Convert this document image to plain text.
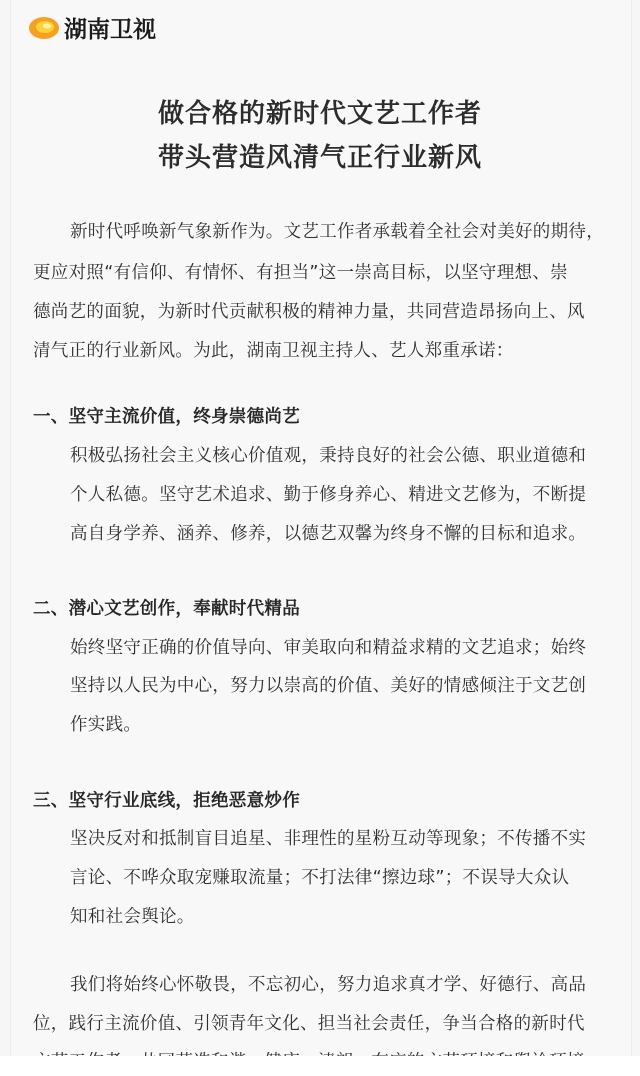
湖南卫视
做合格的新时代文艺工作者
带头营造风清气正行业新风
新时代呼唤新气象新作为。文艺工作者承载着全社会对美好的期待，
更应对照“有信仰、有情怀、有担当”这一崇高目标，以坚守理想、崇
德尚艺的面貌，为新时代贡献积极的精神力量，共同营造昂扬向上、风
清气正的行业新风。为此，湖南卫视主持人、艺人郑重承诺：
一、坚守主流价值，终身崇德尚艺
积极弘扬社会主义核心价值观，秉持良好的社会公德、职业道德和
个人私德。坚守艺术追求、勤于修身养心、精进文艺修为，不断提
高自身学养、涵养、修养，以德艺双馨为终身不懈的目标和追求。
二、潜心文艺创作，奉献时代精品
始终坚守正确的价值导向、审美取向和精益求精的文艺追求；始终
坚持以人民为中心，努力以崇高的价值、美好的情感倾注于文艺创
作实践。
三、坚守行业底线，拒绝恶意炒作
坚决反对和抵制盲目追星、非理性的星粉互动等现象；不传播不实
言论、不哗众取宠赚取流量；不打法律“擦边球”；不误导大众认
知和社会舆论。
我们将始终心怀敬畏，不忘初心，努力追求真才学、好德行、高品
位，践行主流价值、引领青年文化、担当社会责任，争当合格的新时代
